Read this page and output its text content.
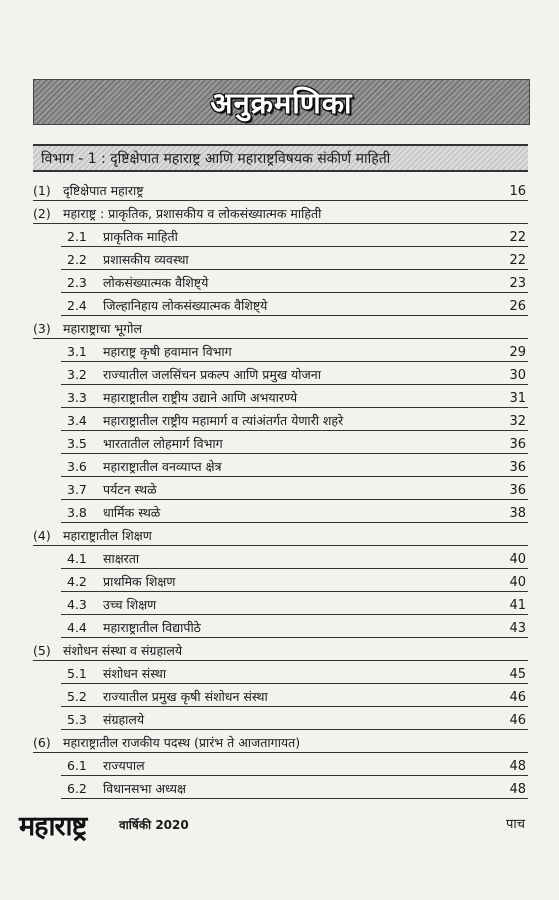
अनुक्रमणिका
विभाग - 1 : दृष्टिक्षेपात महाराष्ट्र आणि महाराष्ट्रविषयक संकीर्ण माहिती
(1) दृष्टिक्षेपात महाराष्ट्र	16
(2) महाराष्ट्र : प्राकृतिक, प्रशासकीय व लोकसंख्यात्मक माहिती
2.1	प्राकृतिक माहिती	22
2.2	प्रशासकीय व्यवस्था	22
2.3	लोकसंख्यात्मक वैशिष्ट्ये	23
2.4	जिल्हानिहाय लोकसंख्यात्मक वैशिष्ट्ये	26
(3) महाराष्ट्राचा भूगोल
3.1	महाराष्ट्र कृषी हवामान विभाग	29
3.2	राज्यातील जलसिंचन प्रकल्प आणि प्रमुख योजना	30
3.3	महाराष्ट्रातील राष्ट्रीय उद्याने आणि अभयारण्ये	31
3.4	महाराष्ट्रातील राष्ट्रीय महामार्ग व त्यांअंतर्गत येणारी शहरे	32
3.5	भारतातील लोहमार्ग विभाग	36
3.6	महाराष्ट्रातील वनव्याप्त क्षेत्र	36
3.7	पर्यटन स्थळे	36
3.8	धार्मिक स्थळे	38
(4) महाराष्ट्रातील शिक्षण
4.1	साक्षरता	40
4.2	प्राथमिक शिक्षण	40
4.3	उच्च शिक्षण	41
4.4	महाराष्ट्रातील विद्यापीठे	43
(5) संशोधन संस्था व संग्रहालये
5.1	संशोधन संस्था	45
5.2	राज्यातील प्रमुख कृषी संशोधन संस्था	46
5.3	संग्रहालये	46
(6) महाराष्ट्रातील राजकीय पदस्थ (प्रारंभ ते आजतागायत)
6.1	राज्यपाल	48
6.2	विधानसभा अध्यक्ष	48
महाराष्ट्र	वार्षिकी 2020	पाच
